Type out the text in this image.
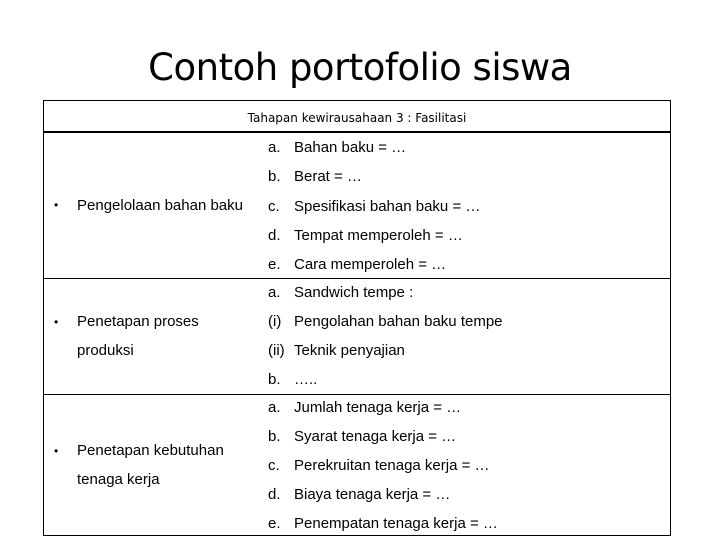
Contoh portofolio siswa
Tahapan kewirausahaan 3 : Fasilitasi
• Pengelolaan bahan baku
a. Bahan baku = …
b. Berat = …
c. Spesifikasi bahan baku = …
d. Tempat memperoleh = …
e. Cara memperoleh = …
• Penetapan proses
produksi
a. Sandwich tempe :
(i) Pengolahan bahan baku tempe
(ii) Teknik penyajian
b. …..
• Penetapan kebutuhan
tenaga kerja
a. Jumlah tenaga kerja = …
b. Syarat tenaga kerja = …
c. Perekruitan tenaga kerja = …
d. Biaya tenaga kerja = …
e. Penempatan tenaga kerja = …
